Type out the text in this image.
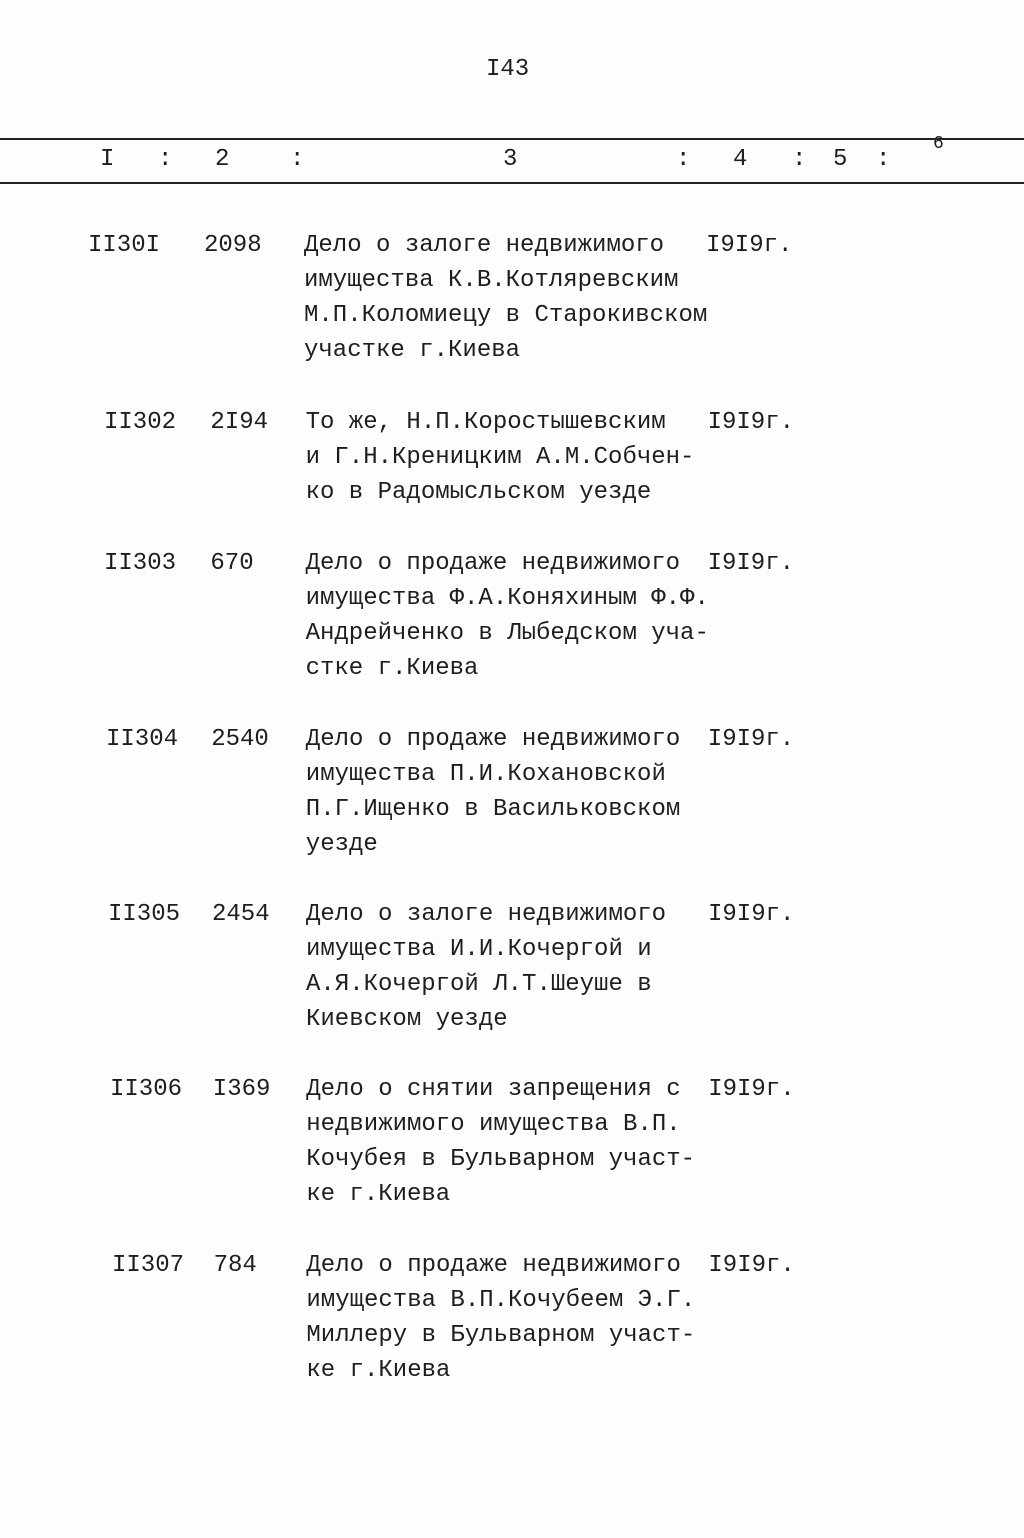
I43
I : 2	:	3	: 4 : 5 :
6
II30I 2098 Дело о залоге недвижимого
имущества К.В.Котляревским
М.П.Коломиецу в Старокивском
участке г.Киева
I9I9г.
II302 2I94 То же, Н.П.Коростышевским
и Г.Н.Креницким А.М.Собчен-
ко в Радомысльском уезде
I9I9г.
II303 670 Дело о продаже недвижимого
имущества Ф.А.Коняхиным Ф.Ф.
Андрейченко в Лыбедском уча-
стке г.Киева
I9I9г.
II304 2540 Дело о продаже недвижимого
имущества П.И.Кохановской
П.Г.Ищенко в Васильковском
уезде
I9I9г.
II305 2454 Дело о залоге недвижимого
имущества И.И.Кочергой и
А.Я.Кочергой Л.Т.Шеуше в
Киевском уезде
I9I9г.
II306 I369 Дело о снятии запрещения с
недвижимого имущества В.П.
Кочубея в Бульварном участ-
ке г.Киева
I9I9г.
II307 784 Дело о продаже недвижимого
имущества В.П.Кочубеем Э.Г.
Миллеру в Бульварном участ-
ке г.Киева
I9I9г.
